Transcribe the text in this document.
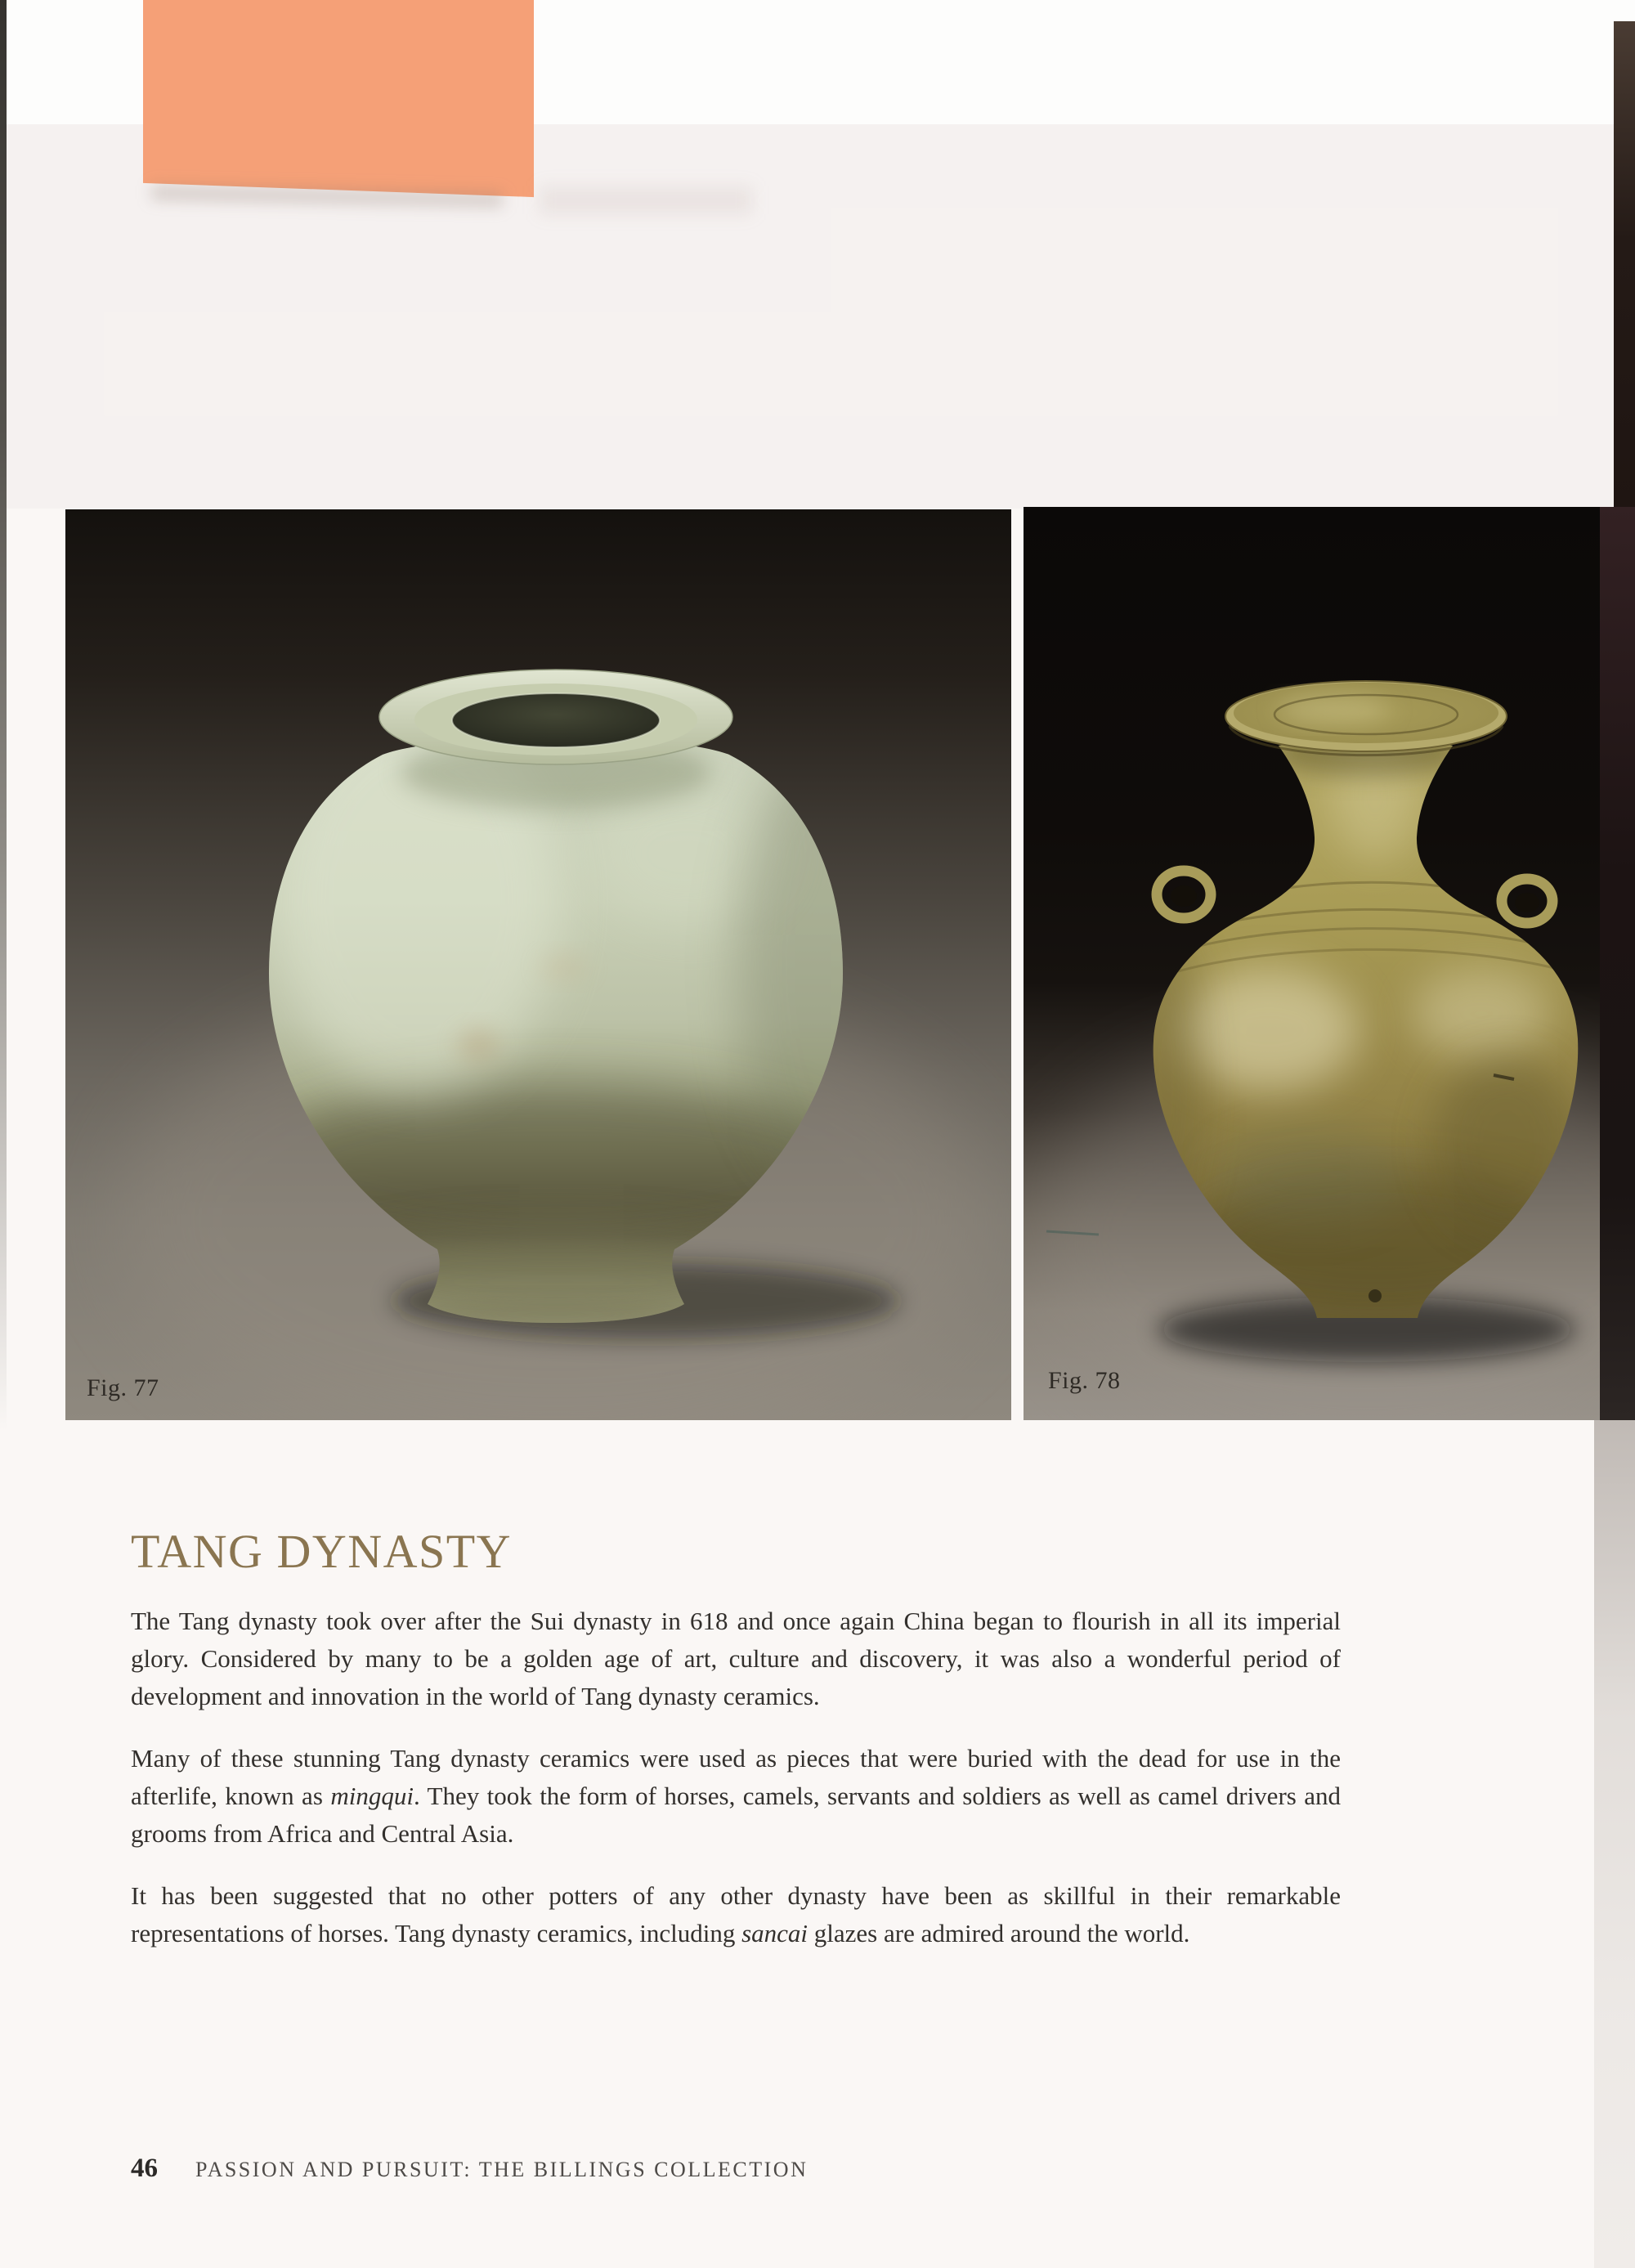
Fig. 77	Fig. 78
TANG DYNASTY

The Tang dynasty took over after the Sui dynasty in 618 and once again China began to flourish in all its imperial glory. Considered by many to be a golden age of art, culture and discovery, it was also a wonderful period of development and innovation in the world of Tang dynasty ceramics.

Many of these stunning Tang dynasty ceramics were used as pieces that were buried with the dead for use in the afterlife, known as mingqui. They took the form of horses, camels, servants and soldiers as well as camel drivers and grooms from Africa and Central Asia.

It has been suggested that no other potters of any other dynasty have been as skillful in their remarkable representations of horses. Tang dynasty ceramics, including sancai glazes are admired around the world.

46 PASSION AND PURSUIT: THE BILLINGS COLLECTION
